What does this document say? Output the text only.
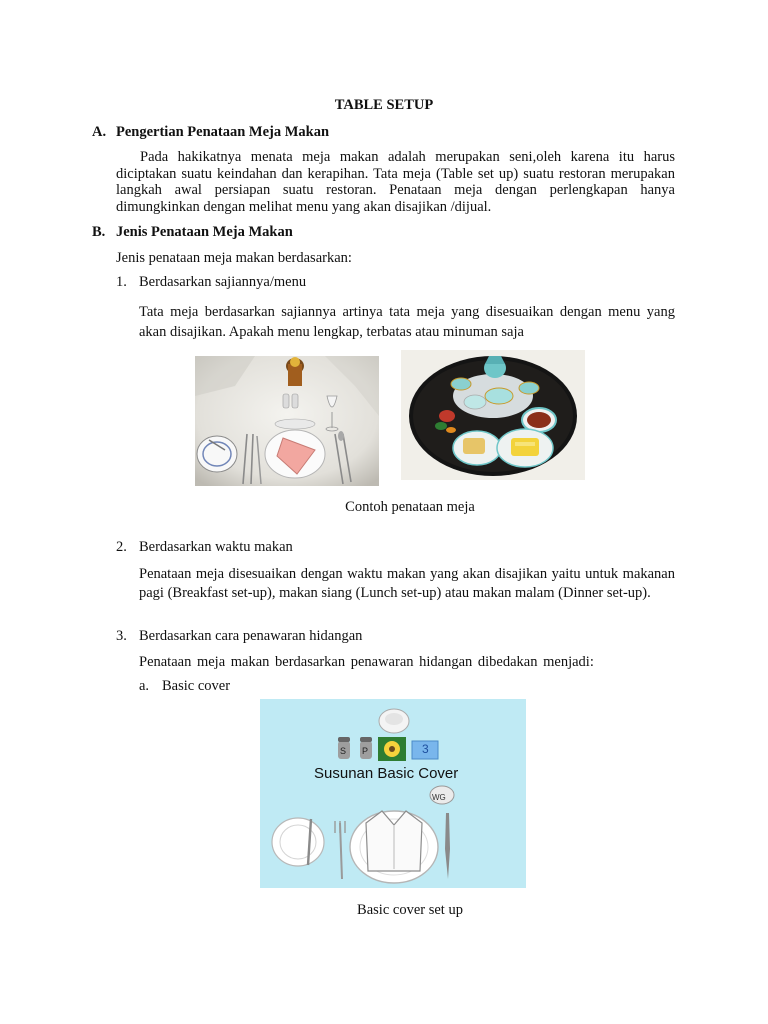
TABLE SETUP
A. Pengertian Penataan Meja Makan
Pada hakikatnya menata meja makan adalah merupakan seni,oleh karena itu harus diciptakan suatu keindahan dan kerapihan. Tata meja (Table set up) suatu restoran merupakan langkah awal persiapan suatu restoran. Penataan meja dengan perlengkapan hanya dimungkinkan dengan melihat menu yang akan disajikan /dijual.
B. Jenis Penataan Meja Makan
Jenis penataan meja makan berdasarkan:
1. Berdasarkan sajiannya/menu
Tata meja berdasarkan sajiannya artinya tata meja yang disesuaikan dengan menu yang akan disajikan. Apakah menu lengkap, terbatas atau minuman saja
Contoh penataan meja
2. Berdasarkan waktu makan
Penataan meja disesuaikan dengan waktu makan yang akan disajikan yaitu untuk makanan pagi (Breakfast set-up), makan siang (Lunch set-up) atau makan malam (Dinner set-up).
3. Berdasarkan cara penawaran hidangan
Penataan meja makan berdasarkan penawaran hidangan dibedakan menjadi:
a. Basic cover
S P	3
Susunan Basic Cover
WG
Basic cover set up
